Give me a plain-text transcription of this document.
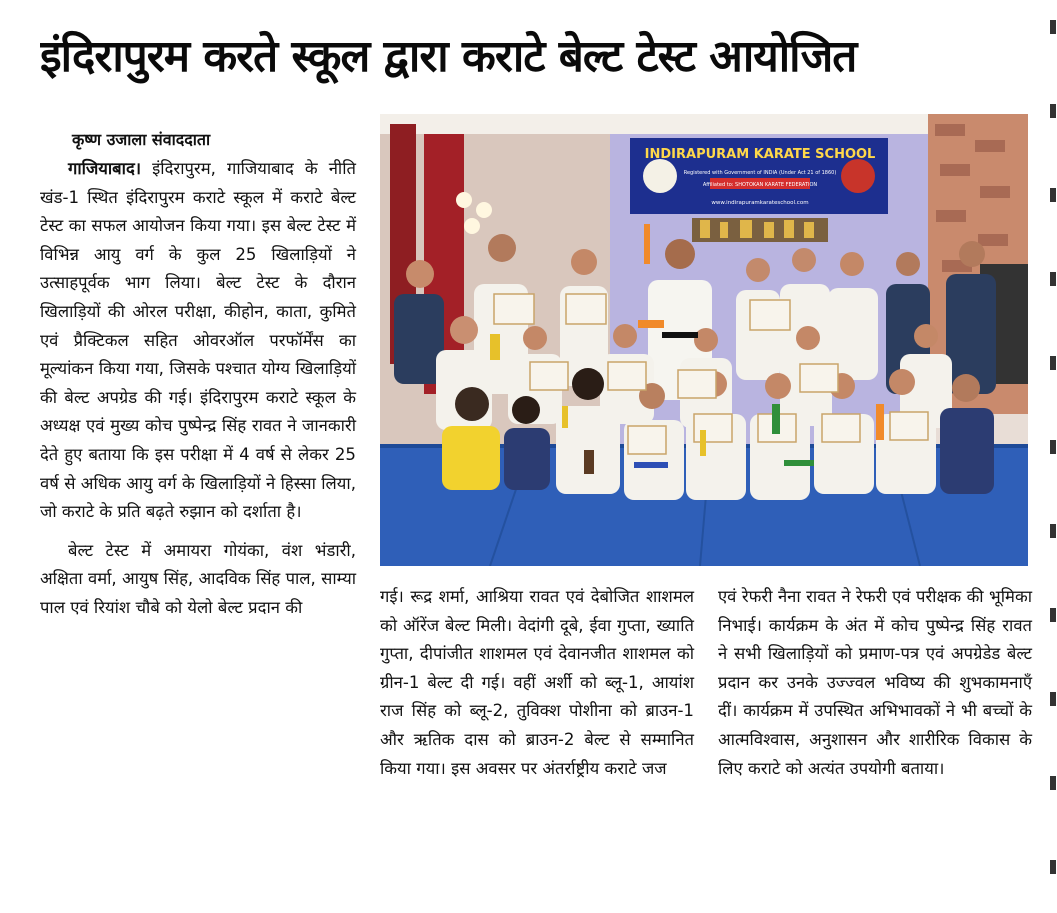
इंदिरापुरम करते स्कूल द्वारा कराटे बेल्ट टेस्ट आयोजित
कृष्ण उजाला संवाददाता

गाजियाबाद। इंदिरापुरम, गाजियाबाद के नीति खंड-1 स्थित इंदिरापुरम कराटे स्कूल में कराटे बेल्ट टेस्ट का सफल आयोजन किया गया। इस बेल्ट टेस्ट में विभिन्न आयु वर्ग के कुल 25 खिलाड़ियों ने उत्साहपूर्वक भाग लिया। बेल्ट टेस्ट के दौरान खिलाड़ियों की ओरल परीक्षा, कीहोन, काता, कुमिते एवं प्रैक्टिकल सहित ओवरऑल परफॉर्मेंस का मूल्यांकन किया गया, जिसके पश्चात योग्य खिलाड़ियों की बेल्ट अपग्रेड की गई। इंदिरापुरम कराटे स्कूल के अध्यक्ष एवं मुख्य कोच पुष्पेन्द्र सिंह रावत ने जानकारी देते हुए बताया कि इस परीक्षा में 4 वर्ष से लेकर 25 वर्ष से अधिक आयु वर्ग के खिलाड़ियों ने हिस्सा लिया, जो कराटे के प्रति बढ़ते रुझान को दर्शाता है।

बेल्ट टेस्ट में अमायरा गोयंका, वंश भंडारी, अक्षिता वर्मा, आयुष सिंह, आदविक सिंह पाल, साम्या पाल एवं रियांश चौबे को येलो बेल्ट प्रदान की

INDIRAPURAM KARATE SCHOOL
Registered with Government of INDIA (Under Act 21 of 1860)
Affiliated to: SHOTOKAN KARATE FEDERATION
www.indirapuramkarateschool.com

गई। रूद्र शर्मा, आश्रिया रावत एवं देबोजित शाशमल को ऑरेंज बेल्ट मिली। वेदांगी दूबे, ईवा गुप्ता, ख्याति गुप्ता, दीपांजीत शाशमल एवं देवानजीत शाशमल को ग्रीन-1 बेल्ट दी गई। वहीं अर्शी को ब्लू-1, आयांश राज सिंह को ब्लू-2, तुविक्श पोशीना को ब्राउन-1 और ऋतिक दास को ब्राउन-2 बेल्ट से सम्मानित किया गया। इस अवसर पर अंतर्राष्ट्रीय कराटे जज

एवं रेफरी नैना रावत ने रेफरी एवं परीक्षक की भूमिका निभाई। कार्यक्रम के अंत में कोच पुष्पेन्द्र सिंह रावत ने सभी खिलाड़ियों को प्रमाण-पत्र एवं अपग्रेडेड बेल्ट प्रदान कर उनके उज्ज्वल भविष्य की शुभकामनाएँ दीं। कार्यक्रम में उपस्थित अभिभावकों ने भी बच्चों के आत्मविश्वास, अनुशासन और शारीरिक विकास के लिए कराटे को अत्यंत उपयोगी बताया।
